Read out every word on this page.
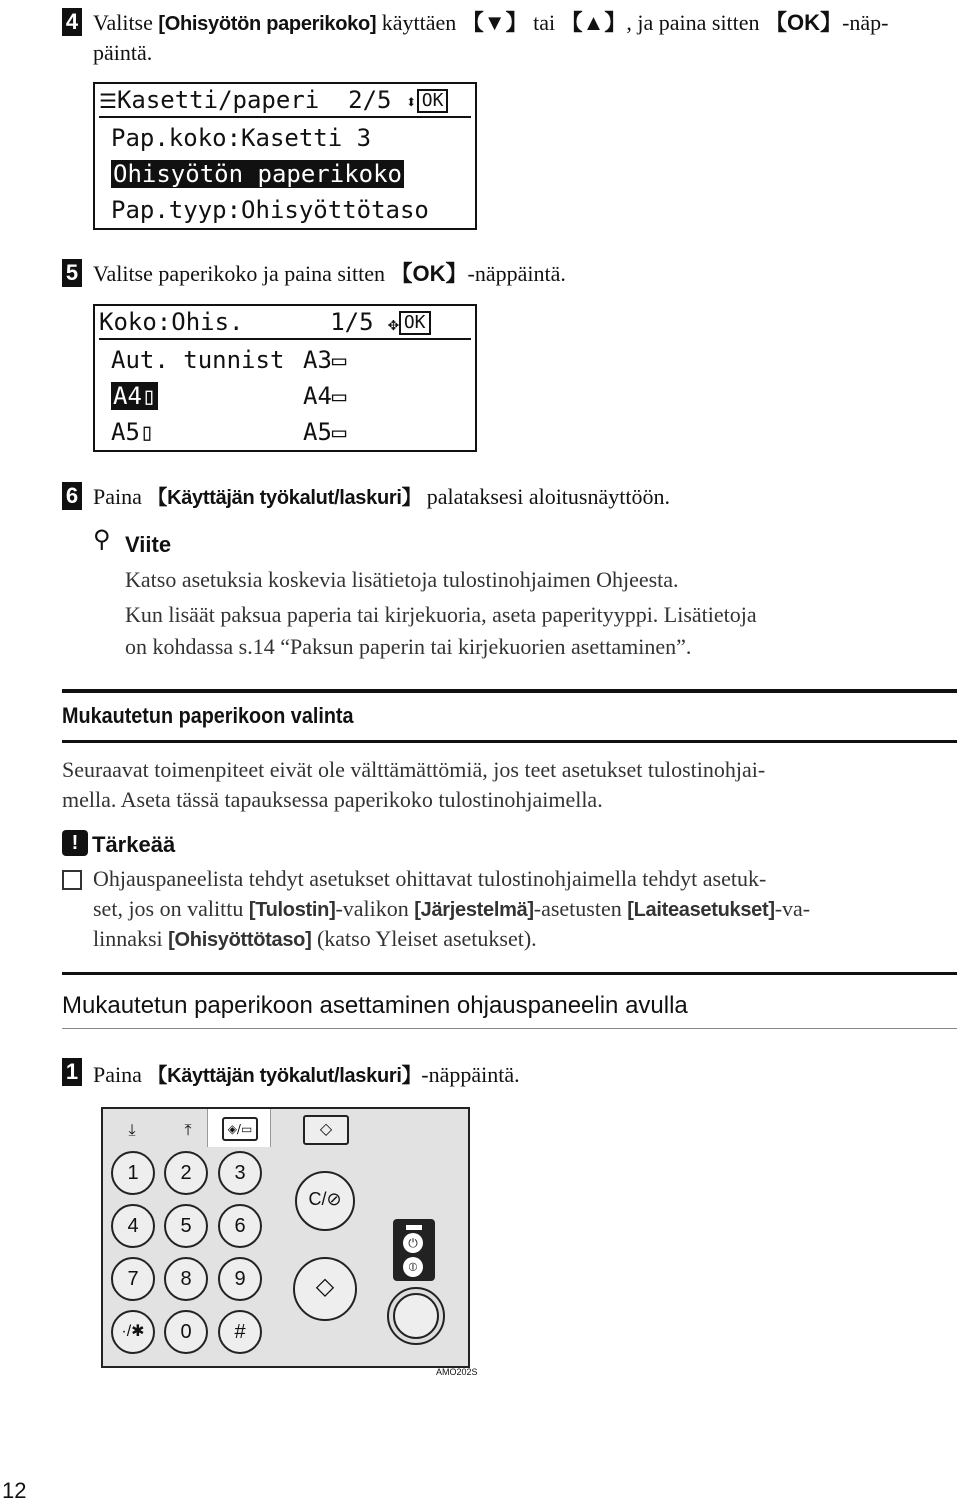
4 Valitse [Ohisyötön paperikoko] käyttäen 【▼】 tai 【▲】, ja paina sitten 【OK】-näp-
päintä.
☰Kasetti/paperi  2/5 ⬍ OK
Pap.koko:Kasetti 3
Ohisyötön paperikoko
Pap.tyyp:Ohisyöttötaso
5 Valitse paperikoko ja paina sitten 【OK】-näppäintä.
Koko:Ohis.      1/5 ✥ OK
Aut. tunnist A3▭
A4▯	A4▭
A5▯	A5▭
6 Paina 【Käyttäjän työkalut/laskuri】 palataksesi aloitusnäyttöön.
⚲ Viite
Katso asetuksia koskevia lisätietoja tulostinohjaimen Ohjeesta.
Kun lisäät paksua paperia tai kirjekuoria, aseta paperityyppi. Lisätietoja
on kohdassa s.14 “Paksun paperin tai kirjekuorien asettaminen”.
Mukautetun paperikoon valinta
Seuraavat toimenpiteet eivät ole välttämättömiä, jos teet asetukset tulostinohjai-
mella. Aseta tässä tapauksessa paperikoko tulostinohjaimella.
! Tärkeää
Ohjauspaneelista tehdyt asetukset ohittavat tulostinohjaimella tehdyt asetuk-
set, jos on valittu [Tulostin]-valikon [Järjestelmä]-asetusten [Laiteasetukset]-va-
linnaksi [Ohisyöttötaso] (katso Yleiset asetukset).
Mukautetun paperikoon asettaminen ohjauspaneelin avulla
1 Paina 【Käyttäjän työkalut/laskuri】-näppäintä.
⤓	⤒	◈/▭	◇
1	2	3
4	5	6
7	8	9
·/✱	0	#
C/⊘
◇
⏻
⦶
AMO202S
12
